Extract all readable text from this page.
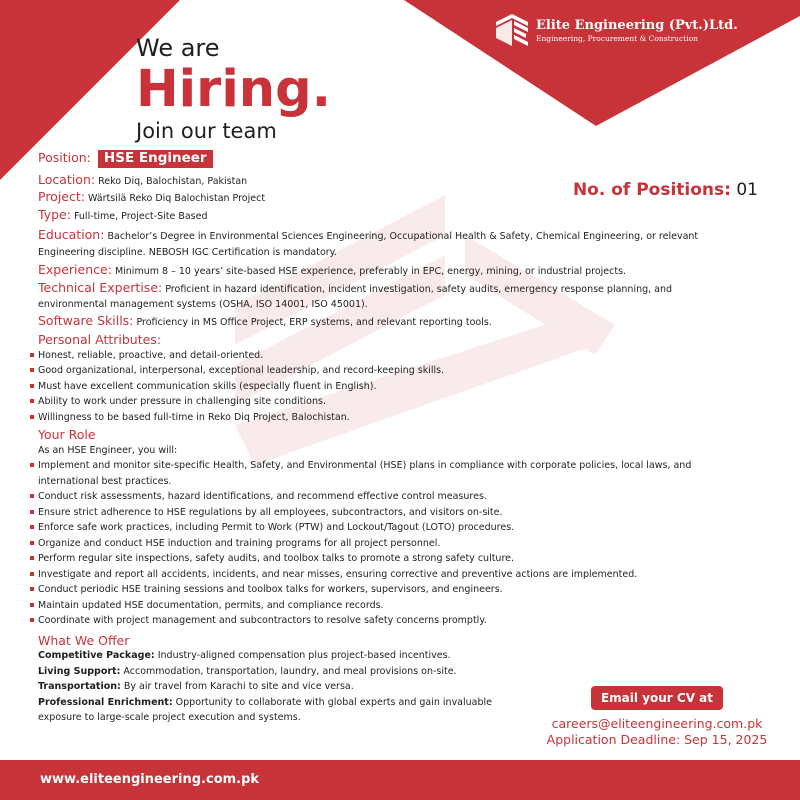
Elite Engineering (Pvt.)Ltd.
Engineering, Procurement & Construction
We are
Hiring.
Join our team
No. of Positions: 01
Position: HSE Engineer
Location: Reko Diq, Balochistan, Pakistan
Project: Wärtsilä Reko Diq Balochistan Project
Type: Full-time, Project-Site Based
Education: Bachelor’s Degree in Environmental Sciences Engineering, Occupational Health & Safety, Chemical Engineering, or relevant Engineering discipline. NEBOSH IGC Certification is mandatory.
Experience: Minimum 8 – 10 years’ site-based HSE experience, preferably in EPC, energy, mining, or industrial projects.
Technical Expertise: Proficient in hazard identification, incident investigation, safety audits, emergency response planning, and environmental management systems (OSHA, ISO 14001, ISO 45001).
Software Skills: Proficiency in MS Office Project, ERP systems, and relevant reporting tools.
Personal Attributes:
Honest, reliable, proactive, and detail-oriented.
Good organizational, interpersonal, exceptional leadership, and record-keeping skills.
Must have excellent communication skills (especially fluent in English).
Ability to work under pressure in challenging site conditions.
Willingness to be based full-time in Reko Diq Project, Balochistan.
Your Role
As an HSE Engineer, you will:
Implement and monitor site-specific Health, Safety, and Environmental (HSE) plans in compliance with corporate policies, local laws, and international best practices.
Conduct risk assessments, hazard identifications, and recommend effective control measures.
Ensure strict adherence to HSE regulations by all employees, subcontractors, and visitors on-site.
Enforce safe work practices, including Permit to Work (PTW) and Lockout/Tagout (LOTO) procedures.
Organize and conduct HSE induction and training programs for all project personnel.
Perform regular site inspections, safety audits, and toolbox talks to promote a strong safety culture.
Investigate and report all accidents, incidents, and near misses, ensuring corrective and preventive actions are implemented.
Conduct periodic HSE training sessions and toolbox talks for workers, supervisors, and engineers.
Maintain updated HSE documentation, permits, and compliance records.
Coordinate with project management and subcontractors to resolve safety concerns promptly.
What We Offer
Competitive Package: Industry-aligned compensation plus project-based incentives.
Living Support: Accommodation, transportation, laundry, and meal provisions on-site.
Transportation: By air travel from Karachi to site and vice versa.
Professional Enrichment: Opportunity to collaborate with global experts and gain invaluable exposure to large-scale project execution and systems.
Email your CV at
careers@eliteengineering.com.pk
Application Deadline: Sep 15, 2025
www.eliteengineering.com.pk
